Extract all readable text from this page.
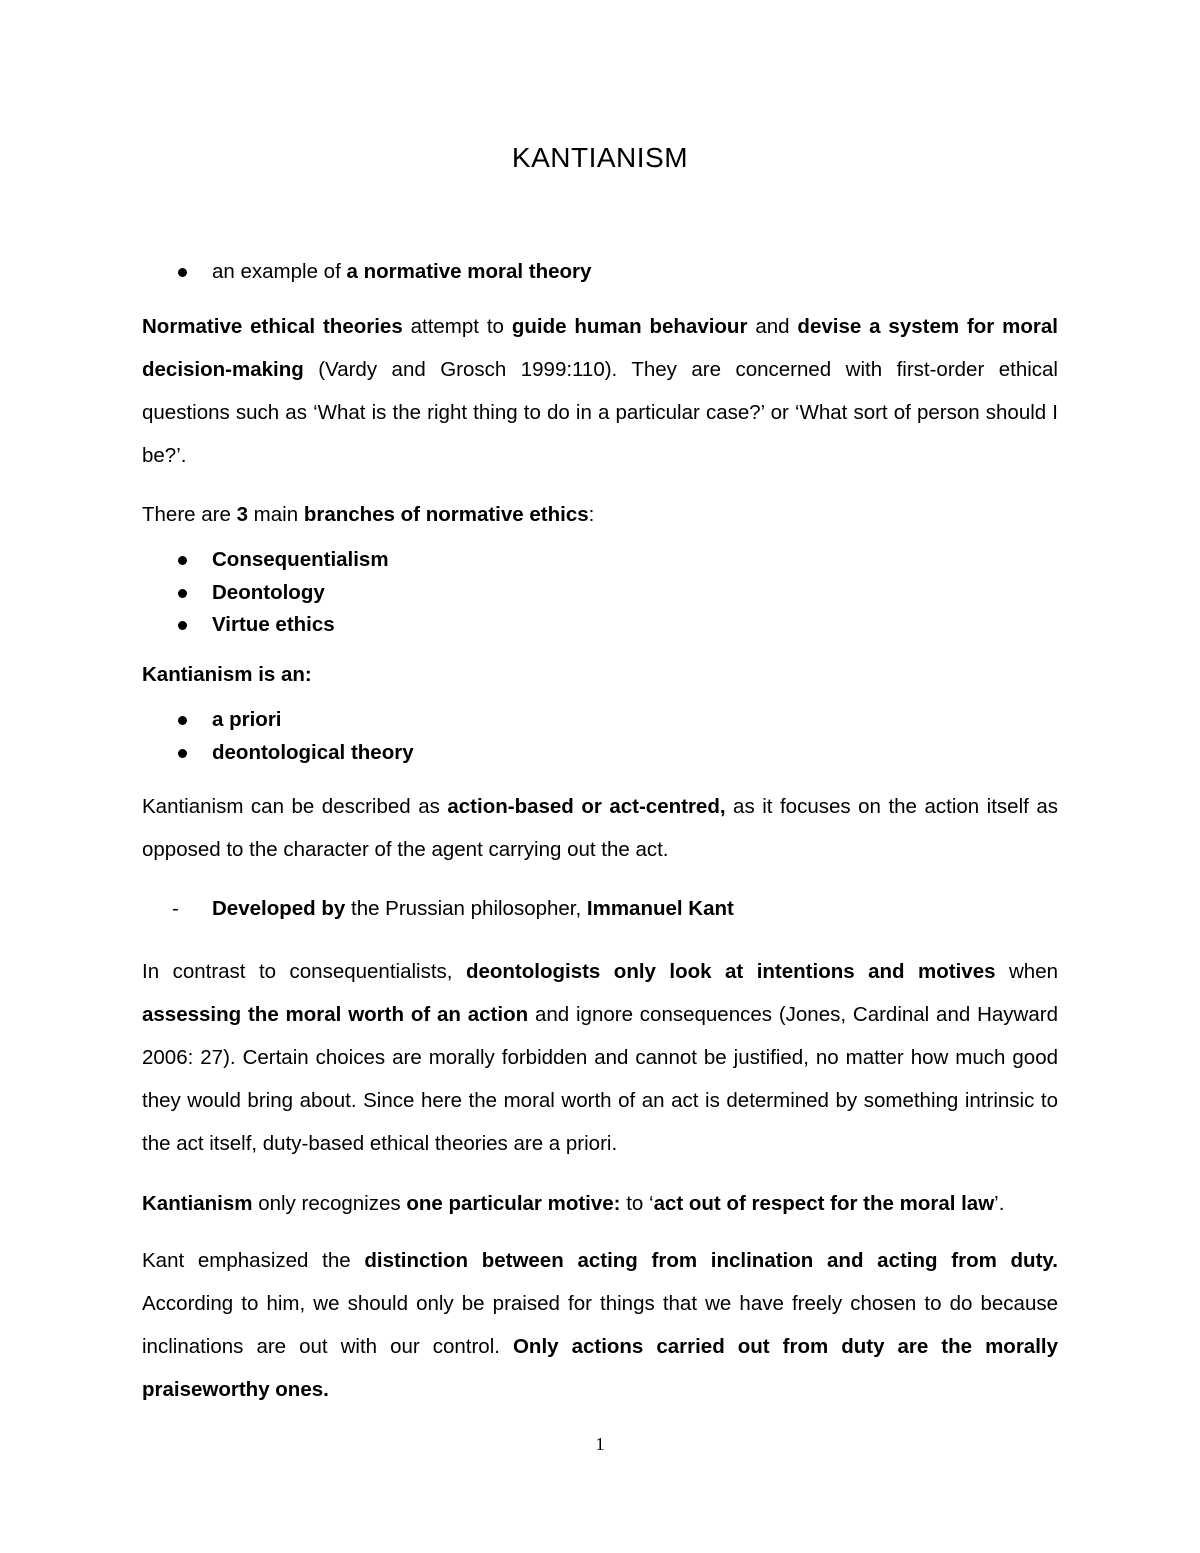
KANTIANISM
an example of a normative moral theory

Normative ethical theories attempt to guide human behaviour and devise a system for moral decision-making (Vardy and Grosch 1999:110). They are concerned with first-order ethical questions such as ‘What is the right thing to do in a particular case?’ or ‘What sort of person should I be?’.

There are 3 main branches of normative ethics:

Consequentialism
Deontology
Virtue ethics

Kantianism is an:

a priori
deontological theory

Kantianism can be described as action-based or act-centred, as it focuses on the action itself as opposed to the character of the agent carrying out the act.

- Developed by the Prussian philosopher, Immanuel Kant

In contrast to consequentialists, deontologists only look at intentions and motives when assessing the moral worth of an action and ignore consequences (Jones, Cardinal and Hayward 2006: 27). Certain choices are morally forbidden and cannot be justified, no matter how much good they would bring about. Since here the moral worth of an act is determined by something intrinsic to the act itself, duty-based ethical theories are a priori.

Kantianism only recognizes one particular motive: to ‘act out of respect for the moral law’.

Kant emphasized the distinction between acting from inclination and acting from duty. According to him, we should only be praised for things that we have freely chosen to do because inclinations are out with our control. Only actions carried out from duty are the morally praiseworthy ones.

1
